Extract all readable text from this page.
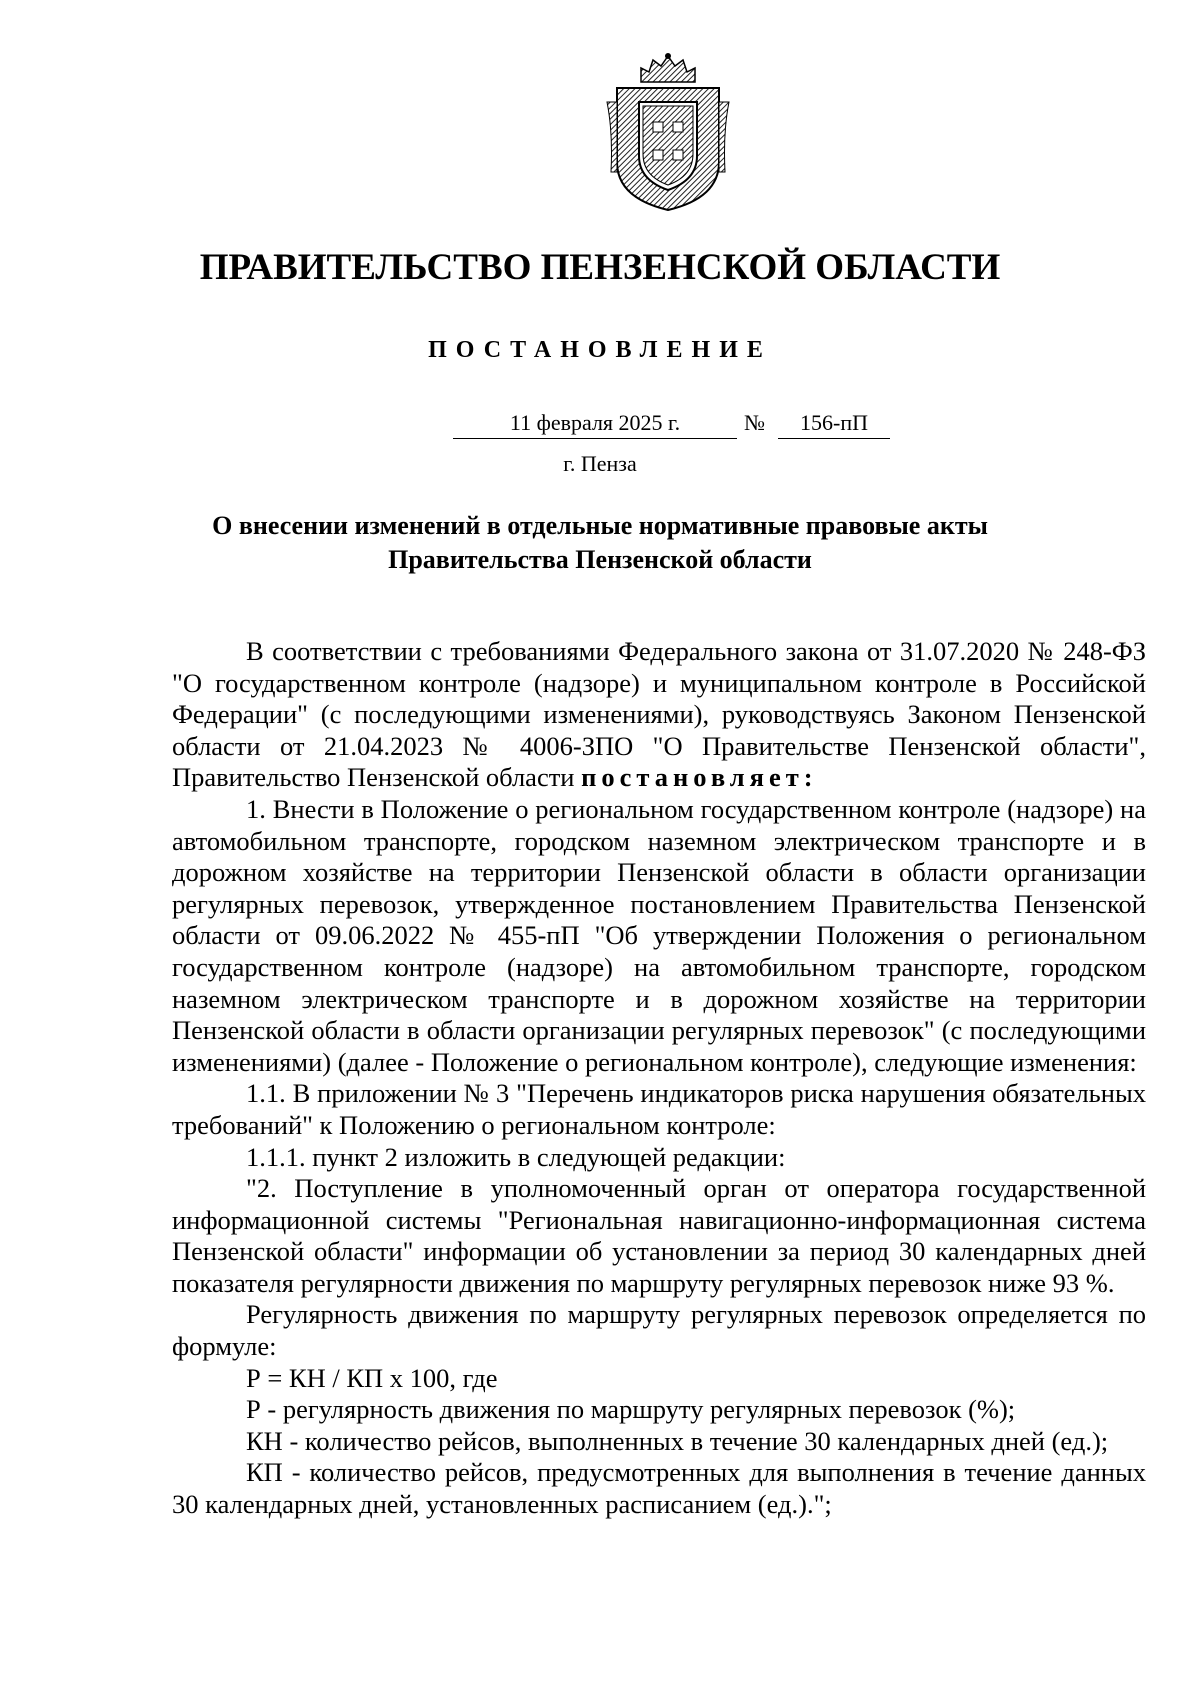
ПРАВИТЕЛЬСТВО ПЕНЗЕНСКОЙ ОБЛАСТИ
ПОСТАНОВЛЕНИЕ
11 февраля 2025 г.	№	156-пП
г. Пенза
О внесении изменений в отдельные нормативные правовые акты
Правительства Пензенской области

В соответствии с требованиями Федерального закона от 31.07.2020 № 248-ФЗ "О государственном контроле (надзоре) и муниципальном контроле в Российской Федерации" (с последующими изменениями), руководствуясь Законом Пензенской области от 21.04.2023 № 4006-ЗПО "О Правительстве Пензенской области", Правительство Пензенской области постановляет:

1. Внести в Положение о региональном государственном контроле (надзоре) на автомобильном транспорте, городском наземном электрическом транспорте и в дорожном хозяйстве на территории Пензенской области в области организации регулярных перевозок, утвержденное постановлением Правительства Пензенской области от 09.06.2022 № 455-пП "Об утверждении Положения о региональном государственном контроле (надзоре) на автомобильном транспорте, городском наземном электрическом транспорте и в дорожном хозяйстве на территории Пензенской области в области организации регулярных перевозок" (с последующими изменениями) (далее - Положение о региональном контроле), следующие изменения:

1.1. В приложении № 3 "Перечень индикаторов риска нарушения обязательных требований" к Положению о региональном контроле:

1.1.1. пункт 2 изложить в следующей редакции:

"2. Поступление в уполномоченный орган от оператора государственной информационной системы "Региональная навигационно-информационная система Пензенской области" информации об установлении за период 30 календарных дней показателя регулярности движения по маршруту регулярных перевозок ниже 93 %.

Регулярность движения по маршруту регулярных перевозок определяется по формуле:

Р = КН / КП х 100, где

Р - регулярность движения по маршруту регулярных перевозок (%);

КН - количество рейсов, выполненных в течение 30 календарных дней (ед.);

КП - количество рейсов, предусмотренных для выполнения в течение данных 30 календарных дней, установленных расписанием (ед.).";
